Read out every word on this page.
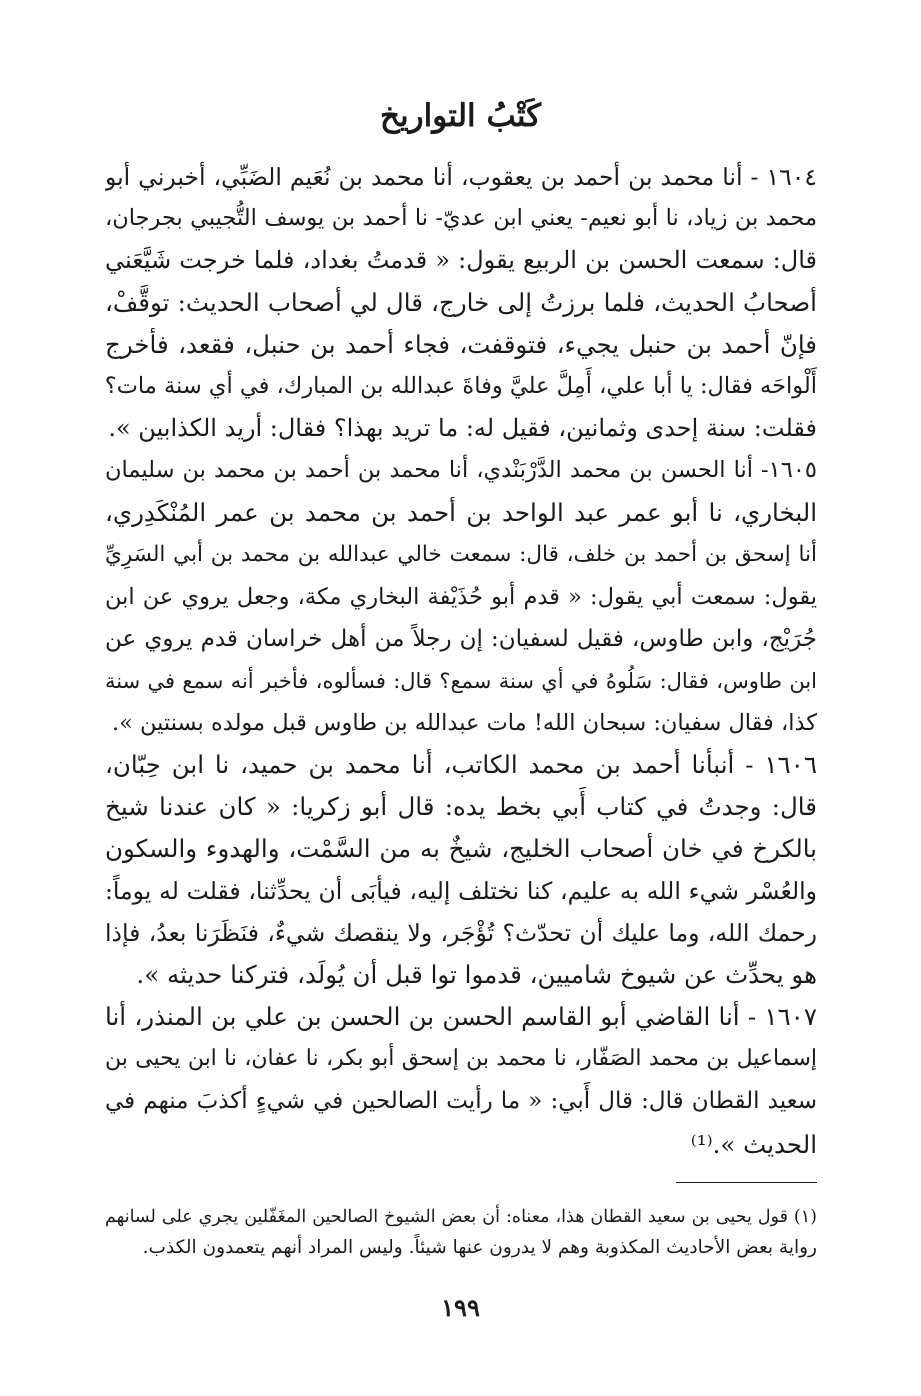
كَتْبُ التواريخ
١٦٠٤ - أنا محمد بن أحمد بن يعقوب، أنا محمد بن نُعَيم الضَبِّي، أخبرني أبو
محمد بن زياد، نا أبو نعيم- يعني ابن عديّ- نا أحمد بن يوسف التُّجيبي بجرجان،
قال: سمعت الحسن بن الربيع يقول: « قدمتُ بغداد، فلما خرجت شَيَّعَني
أصحابُ الحديث، فلما برزتُ إلى خارج، قال لي أصحاب الحديث: توقَّفْ،
فإنّ أحمد بن حنبل يجيء، فتوقفت، فجاء أحمد بن حنبل، فقعد، فأخرج
أَلْواحَه فقال: يا أبا علي، أَمِلَّ عليَّ وفاةَ عبدالله بن المبارك، في أي سنة مات؟
فقلت: سنة إحدى وثمانين، فقيل له: ما تريد بهذا؟ فقال: أريد الكذابين ».
١٦٠٥- أنا الحسن بن محمد الدَّرْبَنْدي، أنا محمد بن أحمد بن محمد بن سليمان
البخاري، نا أبو عمر عبد الواحد بن أحمد بن محمد بن عمر المُنْكَدِري،
أنا إسحق بن أحمد بن خلف، قال: سمعت خالي عبدالله بن محمد بن أبي السَرِيِّ
يقول: سمعت أبي يقول: « قدم أبو حُذَيْفة البخاري مكة، وجعل يروي عن ابن
جُرَيْج، وابن طاوس، فقيل لسفيان: إن رجلاً من أهل خراسان قدم يروي عن
ابن طاوس، فقال: سَلُوهُ في أي سنة سمع؟ قال: فسألوه، فأخبر أنه سمع في سنة
كذا، فقال سفيان: سبحان الله! مات عبدالله بن طاوس قبل مولده بسنتين ».
١٦٠٦ - أنبأنا أحمد بن محمد الكاتب، أنا محمد بن حميد، نا ابن حِبّان،
قال: وجدتُ في كتاب أَبي بخط يده: قال أبو زكريا: « كان عندنا شيخ
بالكرخ في خان أصحاب الخليج، شيخٌ به من السَّمْت، والهدوء والسكون
والعُسْر شيء الله به عليم، كنا نختلف إليه، فيأبَى أن يحدِّثنا، فقلت له يوماً:
رحمك الله، وما عليك أن تحدّث؟ تُؤْجَر، ولا ينقصك شيءٌ، فنَظَرَنا بعدُ، فإذا
هو يحدِّث عن شيوخ شاميين، قدموا توا قبل أن يُولَد، فتركنا حديثه ».
١٦٠٧ - أنا القاضي أبو القاسم الحسن بن الحسن بن علي بن المنذر، أنا
إسماعيل بن محمد الصَفّار، نا محمد بن إسحق أبو بكر، نا عفان، نا ابن يحيى بن
سعيد القطان قال: قال أَبي: « ما رأيت الصالحين في شيءٍ أكذبَ منهم في
الحديث ».⁽¹⁾
(١) قول يحيى بن سعيد القطان هذا، معناه: أن بعض الشيوخ الصالحين المغَفّلين يجري على لسانهم
رواية بعض الأحاديث المكذوبة وهم لا يدرون عنها شيئاً. وليس المراد أنهم يتعمدون الكذب.
١٩٩
